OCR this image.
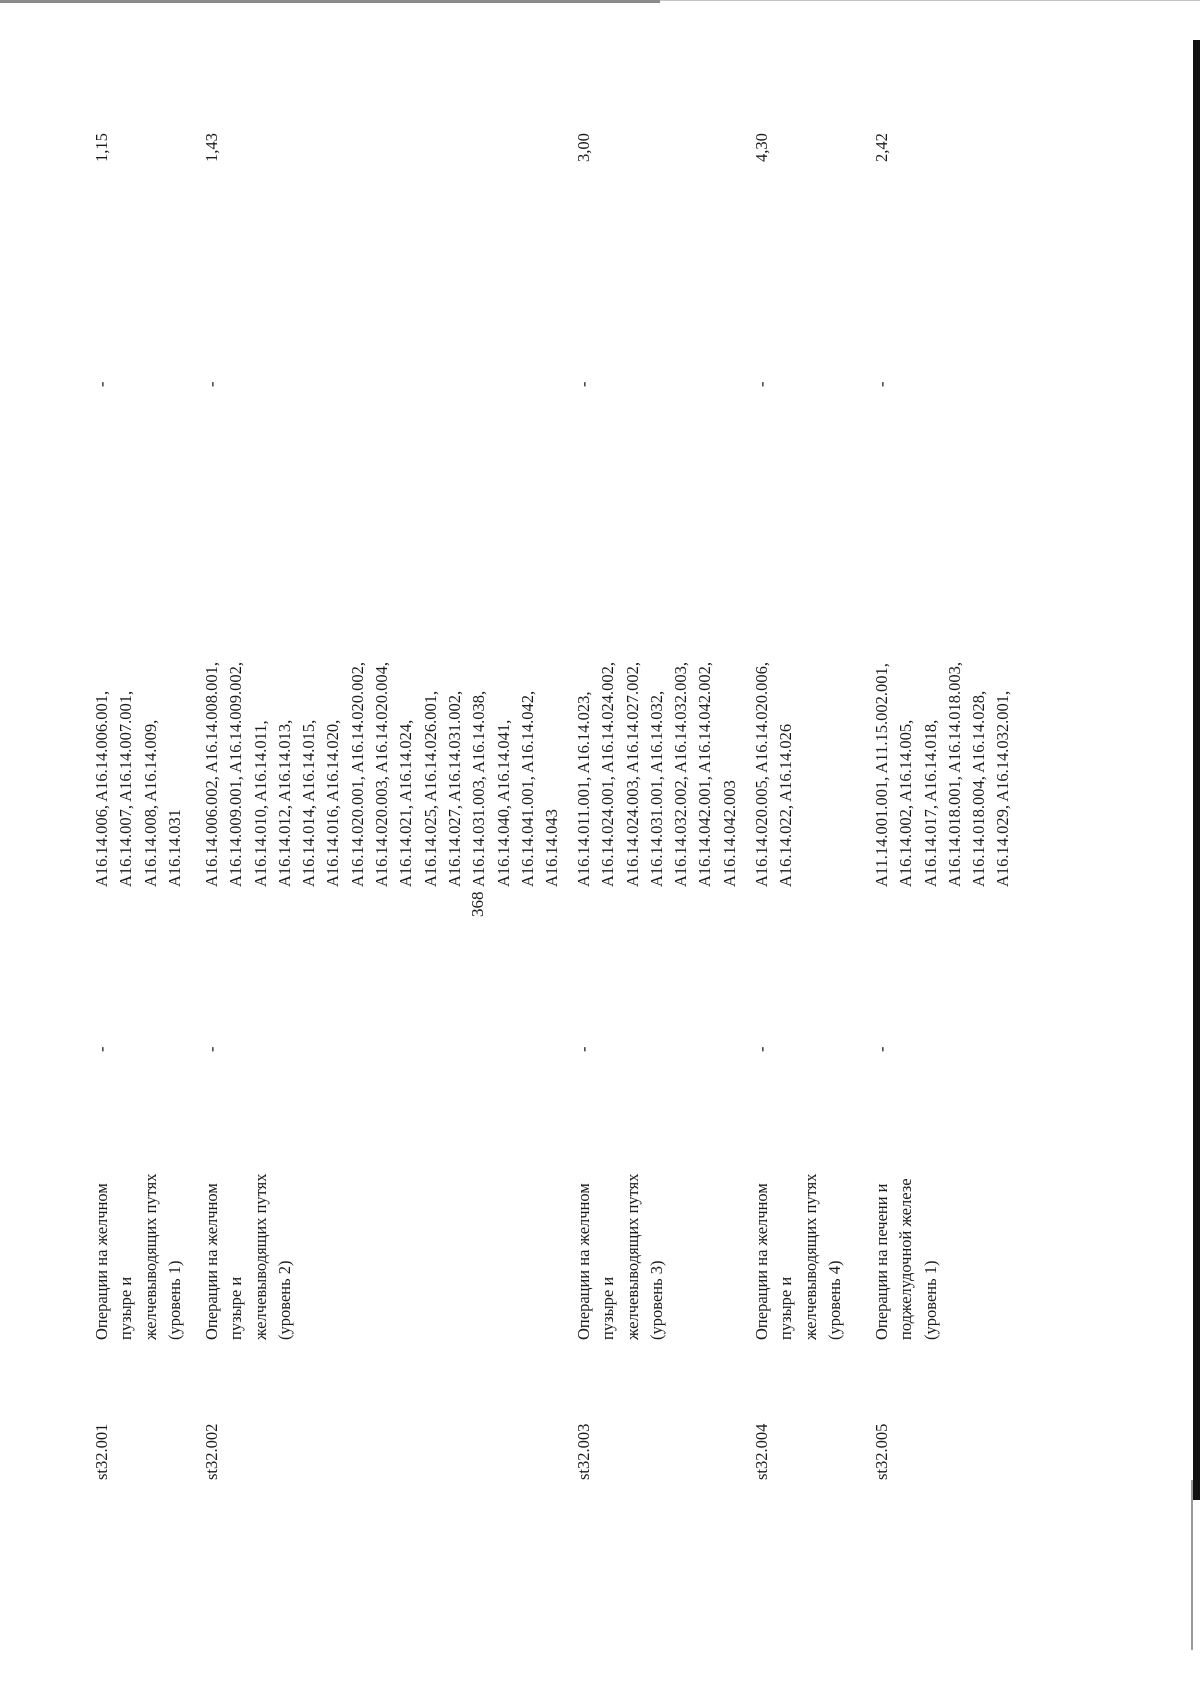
368
st32.001
Операции на желчном
пузыре и
желчевыводящих путях
(уровень 1)
-
A16.14.006, A16.14.006.001,
A16.14.007, A16.14.007.001,
A16.14.008, A16.14.009,
A16.14.031
-
1,15
st32.002
Операции на желчном
пузыре и
желчевыводящих путях
(уровень 2)
-
A16.14.006.002, A16.14.008.001,
A16.14.009.001, A16.14.009.002,
A16.14.010, A16.14.011,
A16.14.012, A16.14.013,
A16.14.014, A16.14.015,
A16.14.016, A16.14.020,
A16.14.020.001, A16.14.020.002,
A16.14.020.003, A16.14.020.004,
A16.14.021, A16.14.024,
A16.14.025, A16.14.026.001,
A16.14.027, A16.14.031.002,
A16.14.031.003, A16.14.038,
A16.14.040, A16.14.041,
A16.14.041.001, A16.14.042,
A16.14.043
-
1,43
st32.003
Операции на желчном
пузыре и
желчевыводящих путях
(уровень 3)
-
A16.14.011.001, A16.14.023,
A16.14.024.001, A16.14.024.002,
A16.14.024.003, A16.14.027.002,
A16.14.031.001, A16.14.032,
A16.14.032.002, A16.14.032.003,
A16.14.042.001, A16.14.042.002,
A16.14.042.003
-
3,00
st32.004
Операции на желчном
пузыре и
желчевыводящих путях
(уровень 4)
-
A16.14.020.005, A16.14.020.006,
A16.14.022, A16.14.026
-
4,30
st32.005
Операции на печени и
поджелудочной железе
(уровень 1)
-
A11.14.001.001, A11.15.002.001,
A16.14.002, A16.14.005,
A16.14.017, A16.14.018,
A16.14.018.001, A16.14.018.003,
A16.14.018.004, A16.14.028,
A16.14.029, A16.14.032.001,
-
2,42
